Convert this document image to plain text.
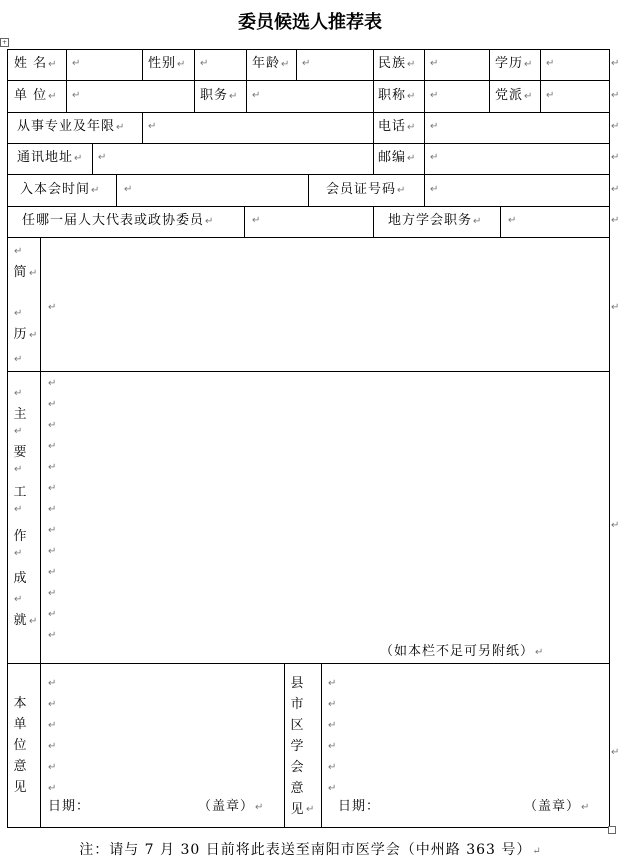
委员候选人推荐表
+
姓 名↵ ↵	性别↵ ↵	年龄↵ ↵	民族↵ ↵	学历↵ ↵	↵
单 位↵ ↵	职务↵ ↵	职称↵ ↵	党派↵ ↵	↵
从事专业及年限↵ ↵	电话↵ ↵	↵
通讯地址↵ ↵	邮编↵ ↵	↵
入本会时间↵ ↵	会员证号码↵ ↵	↵
任哪一届人大代表或政协委员↵	↵	地方学会职务↵	↵	↵
↵
简 ↵
↵
历 ↵
↵
↵	↵
↵
主
↵
要
↵
工
↵
作
↵
成
↵
就 ↵
↵
↵
↵
↵
↵
↵
↵
↵
↵
↵
↵
↵
↵
（如本栏不足可另附纸）↵
↵
本
单
位
意
见
↵
↵
↵
↵
↵
↵
日期：	（盖章）↵
县
市
区
学
会
意
见 ↵
↵
↵
↵
↵
↵
↵
日期：	（盖章）↵
↵
注：请与 7 月 30 日前将此表送至南阳市医学会（中州路 363 号）↵
